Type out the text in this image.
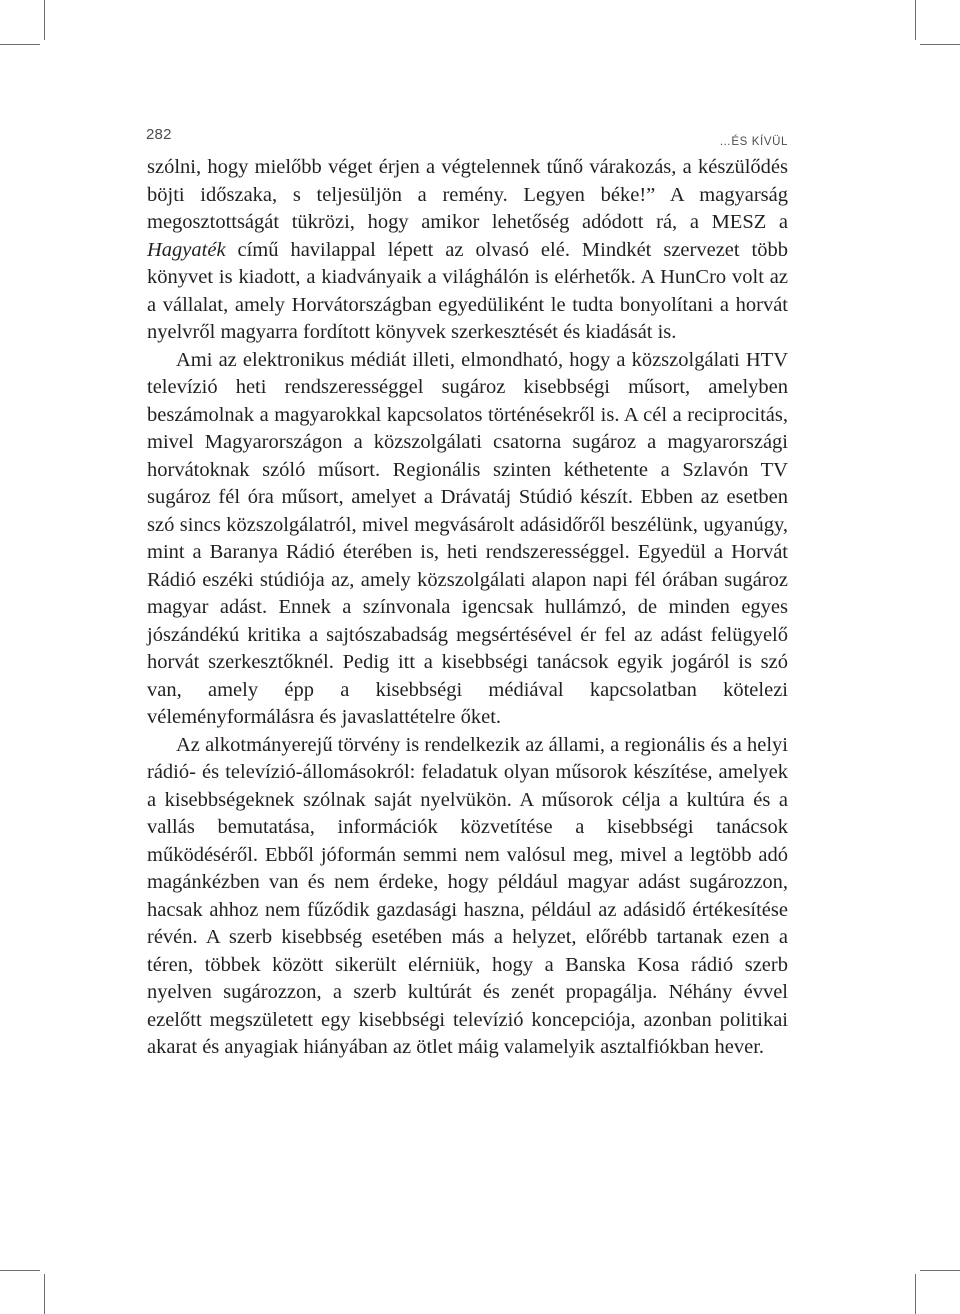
282	…ÉS KÍVÜL

szólni, hogy mielőbb véget érjen a végtelennek tűnő várakozás, a készülődés böjti időszaka, s teljesüljön a remény. Legyen béke!” A magyarság megosztottságát tükrözi, hogy amikor lehetőség adódott rá, a MESZ a Hagyaték című havilappal lépett az olvasó elé. Mindkét szervezet több könyvet is kiadott, a kiadványaik a világhálón is elérhetők. A HunCro volt az a vállalat, amely Horvátországban egyedüliként le tudta bonyolítani a horvát nyelvről magyarra fordított könyvek szerkesztését és kiadását is.

Ami az elektronikus médiát illeti, elmondható, hogy a közszolgálati HTV televízió heti rendszerességgel sugároz kisebbségi műsort, amelyben beszámolnak a magyarokkal kapcsolatos történésekről is. A cél a reciprocitás, mivel Magyarországon a közszolgálati csatorna sugároz a magyarországi horvátoknak szóló műsort. Regionális szinten kéthetente a Szlavón TV sugároz fél óra műsort, amelyet a Drávatáj Stúdió készít. Ebben az esetben szó sincs közszolgálatról, mivel megvásárolt adásidőről beszélünk, ugyanúgy, mint a Baranya Rádió éterében is, heti rendszerességgel. Egyedül a Horvát Rádió eszéki stúdiója az, amely közszolgálati alapon napi fél órában sugároz magyar adást. Ennek a színvonala igencsak hullámzó, de minden egyes jószándékú kritika a sajtószabadság megsértésével ér fel az adást felügyelő horvát szerkesztőknél. Pedig itt a kisebbségi tanácsok egyik jogáról is szó van, amely épp a kisebbségi médiával kapcsolatban kötelezi véleményformálásra és javaslattételre őket.

Az alkotmányerejű törvény is rendelkezik az állami, a regionális és a helyi rádió- és televízió-állomásokról: feladatuk olyan műsorok készítése, amelyek a kisebbségeknek szólnak saját nyelvükön. A műsorok célja a kultúra és a vallás bemutatása, információk közvetítése a kisebbségi tanácsok működéséről. Ebből jóformán semmi nem valósul meg, mivel a legtöbb adó magánkézben van és nem érdeke, hogy például magyar adást sugározzon, hacsak ahhoz nem fűződik gazdasági haszna, például az adásidő értékesítése révén. A szerb kisebbség esetében más a helyzet, előrébb tartanak ezen a téren, többek között sikerült elérniük, hogy a Banska Kosa rádió szerb nyelven sugározzon, a szerb kultúrát és zenét propagálja. Néhány évvel ezelőtt megszületett egy kisebbségi televízió koncepciója, azonban politikai akarat és anyagiak hiányában az ötlet máig valamelyik asztalfiókban hever.
